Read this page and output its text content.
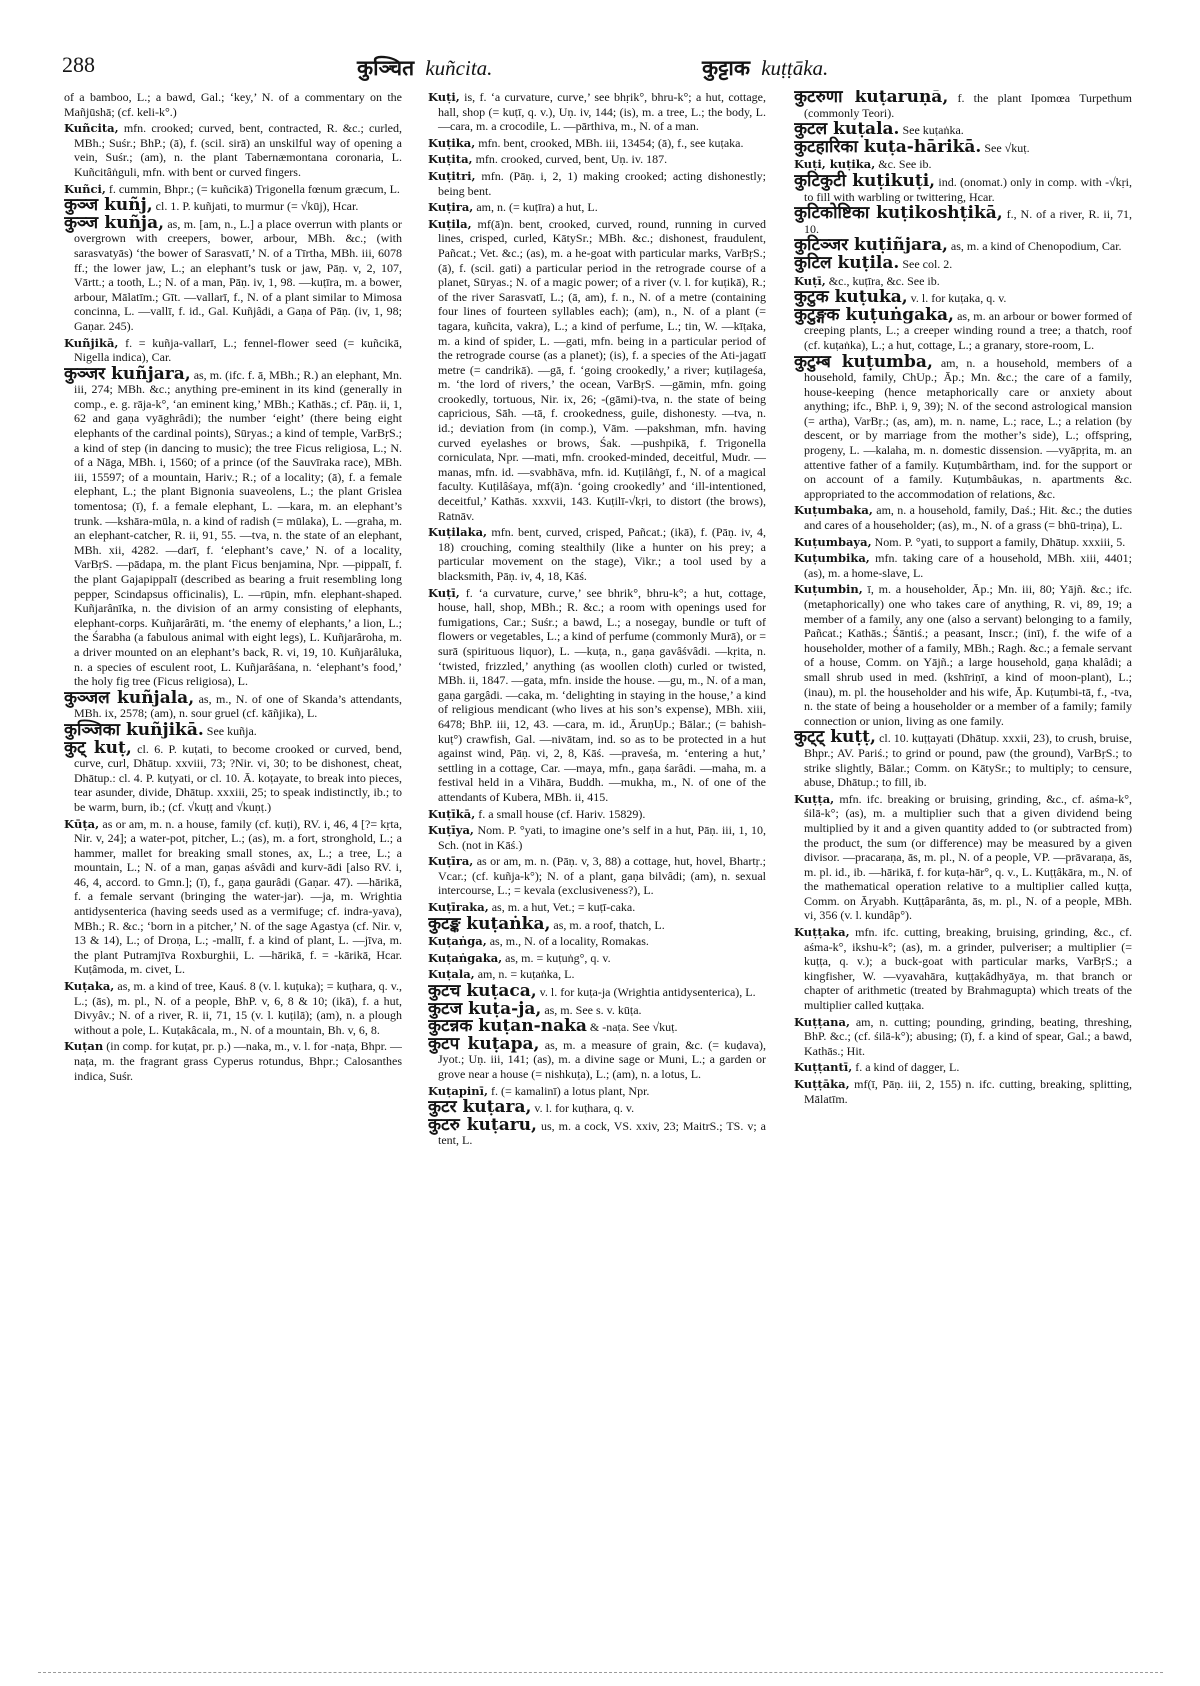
288	कुञ्चित kuñcita.	कुट्टाक kuṭṭāka.

of a bamboo, L.; a bawd, Gal.; ‘key,’ N. of a commentary on the Mañjūshā; (cf. keli-k°.)

Kuñcita, mfn. crooked; curved, bent, contracted, R. &c.; curled, MBh.; Suśr.; BhP.; (ā), f. (scil. sirā) an unskilful way of opening a vein, Suśr.; (am), n. the plant Tabernæmontana coronaria, L. Kuñcitâṅguli, mfn. with bent or curved fingers.

Kuñci, f. cummin, Bhpr.; (= kuñcikā) Trigonella fœnum græcum, L.

कुञ्ज kuñj, cl. 1. P. kuñjati, to murmur (= √kūj), Hcar.

कुञ्ज kuñja, as, m. [am, n., L.] a place overrun with plants or overgrown with creepers, bower, arbour, MBh. &c.; (with sarasvatyās) ‘the bower of Sarasvatī,’ N. of a Tīrtha, MBh. iii, 6078 ff.; the lower jaw, L.; an elephant’s tusk or jaw, Pāṇ. v, 2, 107, Vārtt.; a tooth, L.; N. of a man, Pāṇ. iv, 1, 98. —kuṭīra, m. a bower, arbour, Mālatīm.; Gīt. —vallarī, f., N. of a plant similar to Mimosa concinna, L. —vallī, f. id., Gal. Kuñjâdi, a Gaṇa of Pāṇ. (iv, 1, 98; Gaṇar. 245).

Kuñjikā, f. = kuñja-vallarī, L.; fennel-flower seed (= kuñcikā, Nigella indica), Car.

कुञ्जर kuñjara, as, m. (ifc. f. ā, MBh.; R.) an elephant, Mn. iii, 274; MBh. &c.; anything pre-eminent in its kind (generally in comp., e. g. rāja-k°, ‘an eminent king,’ MBh.; Kathās.; cf. Pāṇ. ii, 1, 62 and gaṇa vyāghrâdi); the number ‘eight’ (there being eight elephants of the cardinal points), Sūryas.; a kind of temple, VarBṛS.; a kind of step (in dancing to music); the tree Ficus religiosa, L.; N. of a Nāga, MBh. i, 1560; of a prince (of the Sauvīraka race), MBh. iii, 15597; of a mountain, Hariv.; R.; of a locality; (ā), f. a female elephant, L.; the plant Bignonia suaveolens, L.; the plant Grislea tomentosa; (ī), f. a female elephant, L. —kara, m. an elephant’s trunk. —kshāra-mūla, n. a kind of radish (= mūlaka), L. —graha, m. an elephant-catcher, R. ii, 91, 55. —tva, n. the state of an elephant, MBh. xii, 4282. —darī, f. ‘elephant’s cave,’ N. of a locality, VarBṛS. —pādapa, m. the plant Ficus benjamina, Npr. —pippalī, f. the plant Gajapippalī (described as bearing a fruit resembling long pepper, Scindapsus officinalis), L. —rūpin, mfn. elephant-shaped. Kuñjarânīka, n. the division of an army consisting of elephants, elephant-corps. Kuñjarârāti, m. ‘the enemy of elephants,’ a lion, L.; the Śarabha (a fabulous animal with eight legs), L. Kuñjarâroha, m. a driver mounted on an elephant’s back, R. vi, 19, 10. Kuñjarâluka, n. a species of esculent root, L. Kuñjarâśana, n. ‘elephant’s food,’ the holy fig tree (Ficus religiosa), L.

कुञ्जल kuñjala, as, m., N. of one of Skanda’s attendants, MBh. ix, 2578; (am), n. sour gruel (cf. kāñjika), L.

कुञ्जिका kuñjikā. See kuñja.

कुट् kuṭ, cl. 6. P. kuṭati, to become crooked or curved, bend, curve, curl, Dhātup. xxviii, 73; ?Nir. vi, 30; to be dishonest, cheat, Dhātup.: cl. 4. P. kuṭyati, or cl. 10. Ā. koṭayate, to break into pieces, tear asunder, divide, Dhātup. xxxiii, 25; to speak indistinctly, ib.; to be warm, burn, ib.; (cf. √kuṭṭ and √kuṇṭ.)

Kūṭa, as or am, m. n. a house, family (cf. kuṭi), RV. i, 46, 4 [?= kṛta, Nir. v, 24]; a water-pot, pitcher, L.; (as), m. a fort, stronghold, L.; a hammer, mallet for breaking small stones, ax, L.; a tree, L.; a mountain, L.; N. of a man, gaṇas aśvâdi and kurv-ādi [also RV. i, 46, 4, accord. to Gmn.]; (ī), f., gaṇa gaurâdi (Gaṇar. 47). —hārikā, f. a female servant (bringing the water-jar). —ja, m. Wrightia antidysenterica (having seeds used as a vermifuge; cf. indra-yava), MBh.; R. &c.; ‘born in a pitcher,’ N. of the sage Agastya (cf. Nir. v, 13 & 14), L.; of Droṇa, L.; -mallī, f. a kind of plant, L. —jīva, m. the plant Putramjīva Roxburghii, L. —hārikā, f. = -kārikā, Hcar. Kuṭâmoda, m. civet, L.

Kuṭaka, as, m. a kind of tree, Kauś. 8 (v. l. kuṭuka); = kuṭhara, q. v., L.; (ās), m. pl., N. of a people, BhP. v, 6, 8 & 10; (ikā), f. a hut, Divyâv.; N. of a river, R. ii, 71, 15 (v. l. kuṭilā); (am), n. a plough without a pole, L. Kuṭakâcala, m., N. of a mountain, Bh. v, 6, 8.

Kuṭan (in comp. for kuṭat, pr. p.) —naka, m., v. l. for -naṭa, Bhpr. —naṭa, m. the fragrant grass Cyperus rotundus, Bhpr.; Calosanthes indica, Suśr.

Kuṭi, is, f. ‘a curvature, curve,’ see bhṛik°, bhru-k°; a hut, cottage, hall, shop (= kuṭī, q. v.), Uṇ. iv, 144; (is), m. a tree, L.; the body, L. —cara, m. a crocodile, L. —pārthiva, m., N. of a man.

Kuṭika, mfn. bent, crooked, MBh. iii, 13454; (ā), f., see kuṭaka.

Kuṭita, mfn. crooked, curved, bent, Uṇ. iv. 187.

Kuṭitri, mfn. (Pāṇ. i, 2, 1) making crooked; acting dishonestly; being bent.

Kuṭira, am, n. (= kuṭīra) a hut, L.

Kuṭila, mf(ā)n. bent, crooked, curved, round, running in curved lines, crisped, curled, KātySr.; MBh. &c.; dishonest, fraudulent, Pañcat.; Vet. &c.; (as), m. a he-goat with particular marks, VarBṛS.; (ā), f. (scil. gati) a particular period in the retrograde course of a planet, Sūryas.; N. of a magic power; of a river (v. l. for kuṭikā), R.; of the river Sarasvatī, L.; (ā, am), f. n., N. of a metre (containing four lines of fourteen syllables each); (am), n., N. of a plant (= tagara, kuñcita, vakra), L.; a kind of perfume, L.; tin, W. —kīṭaka, m. a kind of spider, L. —gati, mfn. being in a particular period of the retrograde course (as a planet); (is), f. a species of the Ati-jagatī metre (= candrikā). —gā, f. ‘going crookedly,’ a river; kuṭilageśa, m. ‘the lord of rivers,’ the ocean, VarBṛS. —gāmin, mfn. going crookedly, tortuous, Nir. ix, 26; -(gāmi)-tva, n. the state of being capricious, Sāh. —tā, f. crookedness, guile, dishonesty. —tva, n. id.; deviation from (in comp.), Vām. —pakshman, mfn. having curved eyelashes or brows, Śak. —pushpikā, f. Trigonella corniculata, Npr. —mati, mfn. crooked-minded, deceitful, Mudr. —manas, mfn. id. —svabhāva, mfn. id. Kuṭilâṅgī, f., N. of a magical faculty. Kuṭilâśaya, mf(ā)n. ‘going crookedly’ and ‘ill-intentioned, deceitful,’ Kathās. xxxvii, 143. Kuṭilī-√kṛi, to distort (the brows), Ratnāv.

Kuṭilaka, mfn. bent, curved, crisped, Pañcat.; (ikā), f. (Pāṇ. iv, 4, 18) crouching, coming stealthily (like a hunter on his prey; a particular movement on the stage), Vikr.; a tool used by a blacksmith, Pāṇ. iv, 4, 18, Kāś.

Kuṭī, f. ‘a curvature, curve,’ see bhrik°, bhru-k°; a hut, cottage, house, hall, shop, MBh.; R. &c.; a room with openings used for fumigations, Car.; Suśr.; a bawd, L.; a nosegay, bundle or tuft of flowers or vegetables, L.; a kind of perfume (commonly Murā), or = surā (spirituous liquor), L. —kuṭa, n., gaṇa gavâśvâdi. —kṛita, n. ‘twisted, frizzled,’ anything (as woollen cloth) curled or twisted, MBh. ii, 1847. —gata, mfn. inside the house. —gu, m., N. of a man, gaṇa gargâdi. —caka, m. ‘delighting in staying in the house,’ a kind of religious mendicant (who lives at his son’s expense), MBh. xiii, 6478; BhP. iii, 12, 43. —cara, m. id., ĀruṇUp.; Bālar.; (= bahish-kuṭ°) crawfish, Gal. —nivātam, ind. so as to be protected in a hut against wind, Pāṇ. vi, 2, 8, Kāś. —praveśa, m. ‘entering a hut,’ settling in a cottage, Car. —maya, mfn., gaṇa śarâdi. —maha, m. a festival held in a Vihāra, Buddh. —mukha, m., N. of one of the attendants of Kubera, MBh. ii, 415.

Kuṭīkā, f. a small house (cf. Hariv. 15829).

Kuṭīya, Nom. P. °yati, to imagine one’s self in a hut, Pāṇ. iii, 1, 10, Sch. (not in Kāś.)

Kuṭīra, as or am, m. n. (Pāṇ. v, 3, 88) a cottage, hut, hovel, Bhartṛ.; Vcar.; (cf. kuñja-k°); N. of a plant, gaṇa bilvâdi; (am), n. sexual intercourse, L.; = kevala (exclusiveness?), L.

Kuṭīraka, as, m. a hut, Vet.; = kuṭī-caka.

कुटङ्क kuṭaṅka, as, m. a roof, thatch, L.

Kuṭaṅga, as, m., N. of a locality, Romakas.

Kuṭaṅgaka, as, m. = kuṭuṅg°, q. v.

Kuṭala, am, n. = kuṭaṅka, L.

कुटच kuṭaca, v. l. for kuṭa-ja (Wrightia antidysenterica), L.

कुटज kuṭa-ja, as, m. See s. v. kūṭa.

कुटन्नक kuṭan-naka & -naṭa. See √kuṭ.

कुटप kuṭapa, as, m. a measure of grain, &c. (= kuḍava), Jyot.; Uṇ. iii, 141; (as), m. a divine sage or Muni, L.; a garden or grove near a house (= nishkuṭa), L.; (am), n. a lotus, L.

Kuṭapinī, f. (= kamalinī) a lotus plant, Npr.

कुटर kuṭara, v. l. for kuṭhara, q. v.

कुटरु kuṭaru, us, m. a cock, VS. xxiv, 23; MaitrS.; TS. v; a tent, L.

कुटरुणा kuṭaruṇā, f. the plant Ipomœa Turpethum (commonly Teori).

कुटल kuṭala. See kuṭaṅka.

कुटहारिका kuṭa-hārikā. See √kuṭ.

Kuṭi, kuṭika, &c. See ib.

कुटिकुटी kuṭikuṭi, ind. (onomat.) only in comp. with -√kṛi, to fill with warbling or twittering, Hcar.

कुटिकोष्टिका kuṭikoshṭikā, f., N. of a river, R. ii, 71, 10.

कुटिञ्जर kuṭiñjara, as, m. a kind of Chenopodium, Car.

कुटिल kuṭila. See col. 2.

Kuṭī, &c., kuṭīra, &c. See ib.

कुटुक kuṭuka, v. l. for kuṭaka, q. v.

कुटुङ्गक kuṭuṅgaka, as, m. an arbour or bower formed of creeping plants, L.; a creeper winding round a tree; a thatch, roof (cf. kuṭaṅka), L.; a hut, cottage, L.; a granary, store-room, L.

कुटुम्ब kuṭumba, am, n. a household, members of a household, family, ChUp.; Āp.; Mn. &c.; the care of a family, house-keeping (hence metaphorically care or anxiety about anything; ifc., BhP. i, 9, 39); N. of the second astrological mansion (= artha), VarBṛ.; (as, am), m. n. name, L.; race, L.; a relation (by descent, or by marriage from the mother’s side), L.; offspring, progeny, L. —kalaha, m. n. domestic dissension. —vyāpṛita, m. an attentive father of a family. Kuṭumbârtham, ind. for the support or on account of a family. Kuṭumbâukas, n. apartments &c. appropriated to the accommodation of relations, &c.

Kuṭumbaka, am, n. a household, family, Daś.; Hit. &c.; the duties and cares of a householder; (as), m., N. of a grass (= bhū-triṇa), L.

Kuṭumbaya, Nom. P. °yati, to support a family, Dhātup. xxxiii, 5.

Kuṭumbika, mfn. taking care of a household, MBh. xiii, 4401; (as), m. a home-slave, L.

Kuṭumbin, ī, m. a householder, Āp.; Mn. iii, 80; Yājñ. &c.; ifc. (metaphorically) one who takes care of anything, R. vi, 89, 19; a member of a family, any one (also a servant) belonging to a family, Pañcat.; Kathās.; Śāntiś.; a peasant, Inscr.; (inī), f. the wife of a householder, mother of a family, MBh.; Ragh. &c.; a female servant of a house, Comm. on Yājñ.; a large household, gaṇa khalâdi; a small shrub used in med. (kshīriṇī, a kind of moon-plant), L.; (inau), m. pl. the householder and his wife, Āp. Kuṭumbi-tā, f., -tva, n. the state of being a householder or a member of a family; family connection or union, living as one family.

कुट्ट् kuṭṭ, cl. 10. kuṭṭayati (Dhātup. xxxii, 23), to crush, bruise, Bhpr.; AV. Pariś.; to grind or pound, paw (the ground), VarBṛS.; to strike slightly, Bālar.; Comm. on KātySr.; to multiply; to censure, abuse, Dhātup.; to fill, ib.

Kuṭṭa, mfn. ifc. breaking or bruising, grinding, &c., cf. aśma-k°, śilā-k°; (as), m. a multiplier such that a given dividend being multiplied by it and a given quantity added to (or subtracted from) the product, the sum (or difference) may be measured by a given divisor. —pracaraṇa, ās, m. pl., N. of a people, VP. —prāvaraṇa, ās, m. pl. id., ib. —hārikā, f. for kuṭa-hār°, q. v., L. Kuṭṭâkāra, m., N. of the mathematical operation relative to a multiplier called kuṭṭa, Comm. on Āryabh. Kuṭṭâparânta, ās, m. pl., N. of a people, MBh. vi, 356 (v. l. kundâp°).

Kuṭṭaka, mfn. ifc. cutting, breaking, bruising, grinding, &c., cf. aśma-k°, ikshu-k°; (as), m. a grinder, pulveriser; a multiplier (= kuṭṭa, q. v.); a buck-goat with particular marks, VarBṛS.; a kingfisher, W. —vyavahāra, kuṭṭakâdhyāya, m. that branch or chapter of arithmetic (treated by Brahmagupta) which treats of the multiplier called kuṭṭaka.

Kuṭṭana, am, n. cutting; pounding, grinding, beating, threshing, BhP. &c.; (cf. śilā-k°); abusing; (ī), f. a kind of spear, Gal.; a bawd, Kathās.; Hit.

Kuṭṭantī, f. a kind of dagger, L.

Kuṭṭāka, mf(ī, Pāṇ. iii, 2, 155) n. ifc. cutting, breaking, splitting, Mālatīm.
